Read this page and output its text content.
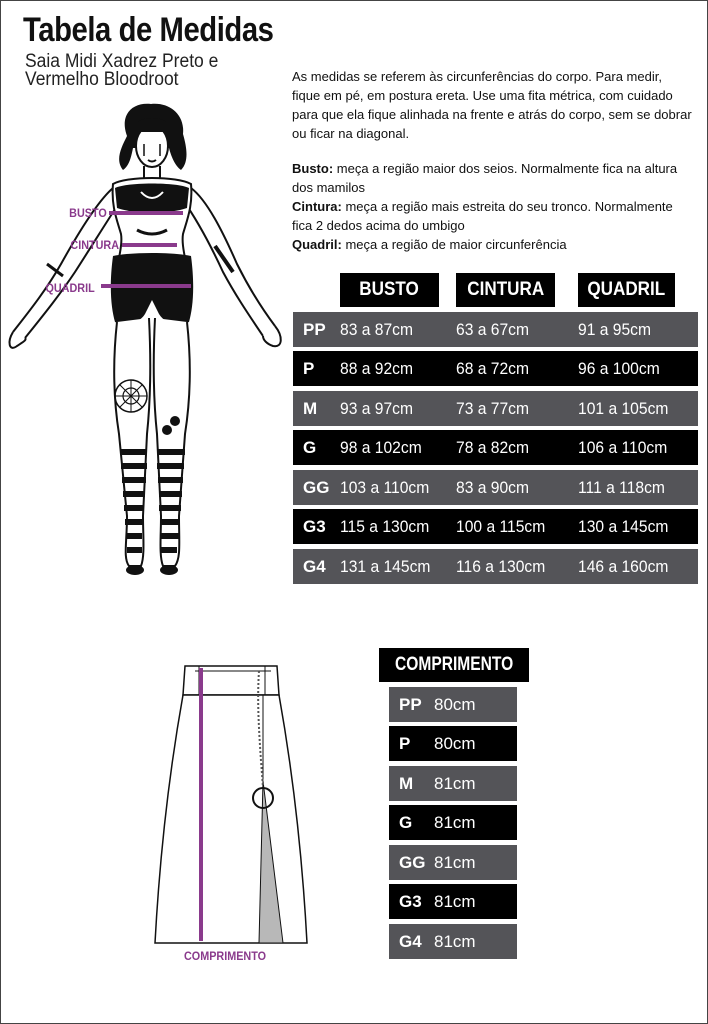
Tabela de Medidas
Saia Midi Xadrez Preto e Vermelho Bloodroot	As medidas se referem às circunferências do corpo. Para medir, fique em pé, em postura ereta. Use uma fita métrica, com cuidado para que ela fique alinhada na frente e atrás do corpo, sem se dobrar ou ficar na diagonal.

Busto: meça a região maior dos seios. Normalmente fica na altura dos mamilos

Cintura: meça a região mais estreita do seu tronco. Normalmente fica 2 dedos acima do umbigo

Quadril: meça a região de maior circunferência

BUSTO
CINTURA
QUADRIL	BUSTO	CINTURA	QUADRIL
PP 83 a 87cm	63 a 67cm	91 a 95cm
P 88 a 92cm	68 a 72cm	96 a 100cm
M 93 a 97cm	73 a 77cm	101 a 105cm
G 98 a 102cm	78 a 82cm	106 a 110cm
GG 103 a 110cm	83 a 90cm	111 a 118cm
G3 115 a 130cm	100 a 115cm	130 a 145cm
G4 131 a 145cm	116 a 130cm	146 a 160cm
COMPRIMENTO
COMPRIMENTO
PP 80cm
P 80cm
M 81cm
G 81cm
GG 81cm
G3 81cm
G4 81cm
